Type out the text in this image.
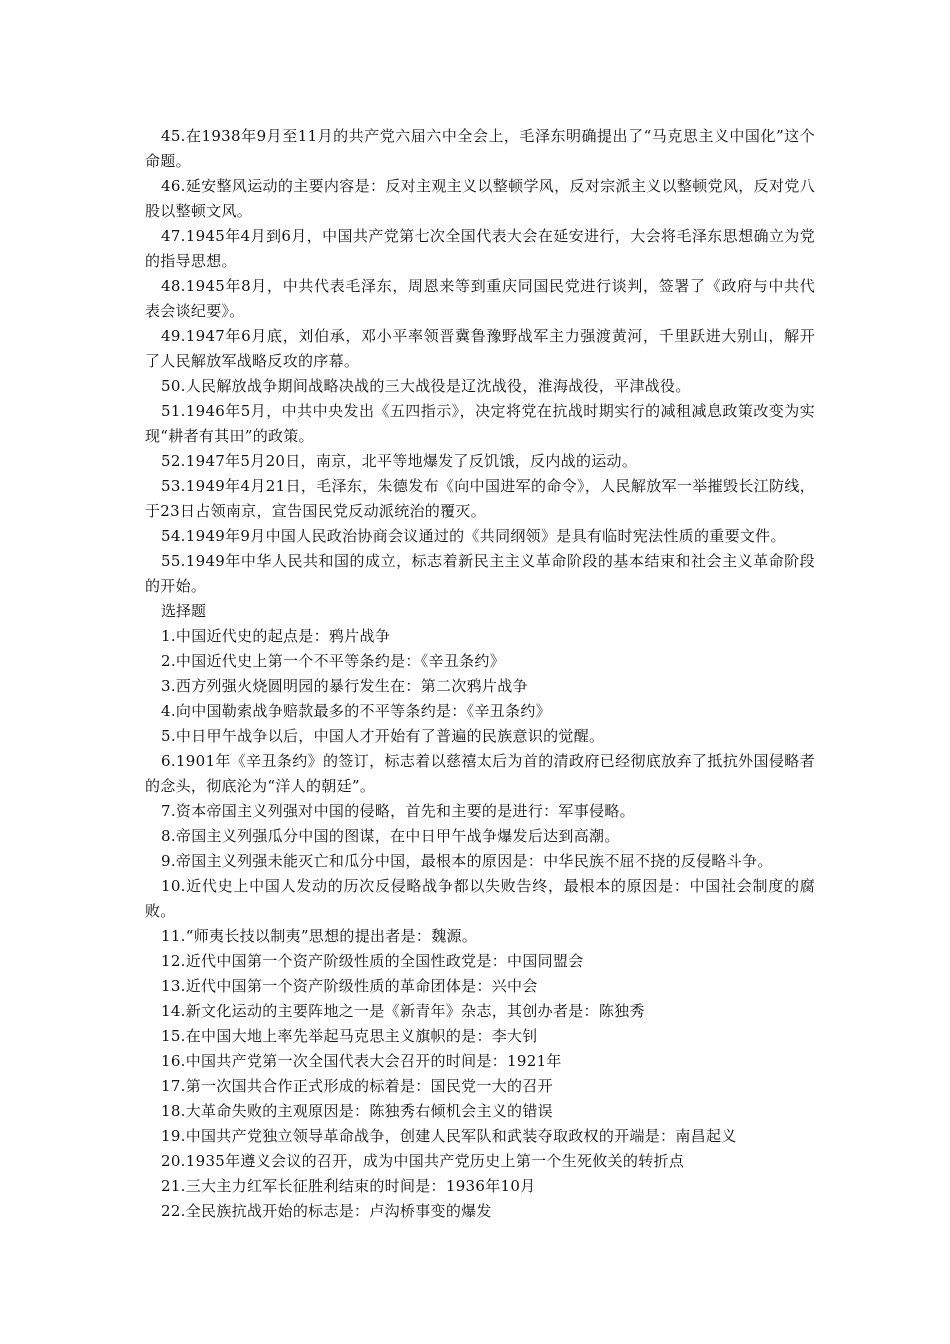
45.在1938年9月至11月的共产党六届六中全会上，毛泽东明确提出了“马克思主义中国化”这个命题。

46.延安整风运动的主要内容是：反对主观主义以整顿学风，反对宗派主义以整顿党风，反对党八股以整顿文风。

47.1945年4月到6月，中国共产党第七次全国代表大会在延安进行，大会将毛泽东思想确立为党的指导思想。

48.1945年8月，中共代表毛泽东，周恩来等到重庆同国民党进行谈判，签署了《政府与中共代表会谈纪要》。

49.1947年6月底，刘伯承，邓小平率领晋冀鲁豫野战军主力强渡黄河，千里跃进大别山，解开了人民解放军战略反攻的序幕。

50.人民解放战争期间战略决战的三大战役是辽沈战役，淮海战役，平津战役。

51.1946年5月，中共中央发出《五四指示》，决定将党在抗战时期实行的减租减息政策改变为实现“耕者有其田”的政策。

52.1947年5月20日，南京，北平等地爆发了反饥饿，反内战的运动。

53.1949年4月21日，毛泽东，朱德发布《向中国进军的命令》，人民解放军一举摧毁长江防线，于23日占领南京，宣告国民党反动派统治的覆灭。

54.1949年9月中国人民政治协商会议通过的《共同纲领》是具有临时宪法性质的重要文件。

55.1949年中华人民共和国的成立，标志着新民主主义革命阶段的基本结束和社会主义革命阶段的开始。

选择题

1.中国近代史的起点是：鸦片战争

2.中国近代史上第一个不平等条约是：《辛丑条约》

3.西方列强火烧圆明园的暴行发生在：第二次鸦片战争

4.向中国勒索战争赔款最多的不平等条约是：《辛丑条约》

5.中日甲午战争以后，中国人才开始有了普遍的民族意识的觉醒。

6.1901年《辛丑条约》的签订，标志着以慈禧太后为首的清政府已经彻底放弃了抵抗外国侵略者的念头，彻底沦为“洋人的朝廷”。

7.资本帝国主义列强对中国的侵略，首先和主要的是进行：军事侵略。

8.帝国主义列强瓜分中国的图谋，在中日甲午战争爆发后达到高潮。

9.帝国主义列强未能灭亡和瓜分中国，最根本的原因是：中华民族不屈不挠的反侵略斗争。

10.近代史上中国人发动的历次反侵略战争都以失败告终，最根本的原因是：中国社会制度的腐败。

11.“师夷长技以制夷”思想的提出者是：魏源。

12.近代中国第一个资产阶级性质的全国性政党是：中国同盟会

13.近代中国第一个资产阶级性质的革命团体是：兴中会

14.新文化运动的主要阵地之一是《新青年》杂志，其创办者是：陈独秀

15.在中国大地上率先举起马克思主义旗帜的是：李大钊

16.中国共产党第一次全国代表大会召开的时间是：1921年

17.第一次国共合作正式形成的标着是：国民党一大的召开

18.大革命失败的主观原因是：陈独秀右倾机会主义的错误

19.中国共产党独立领导革命战争，创建人民军队和武装夺取政权的开端是：南昌起义

20.1935年遵义会议的召开，成为中国共产党历史上第一个生死攸关的转折点

21.三大主力红军长征胜利结束的时间是：1936年10月

22.全民族抗战开始的标志是：卢沟桥事变的爆发
